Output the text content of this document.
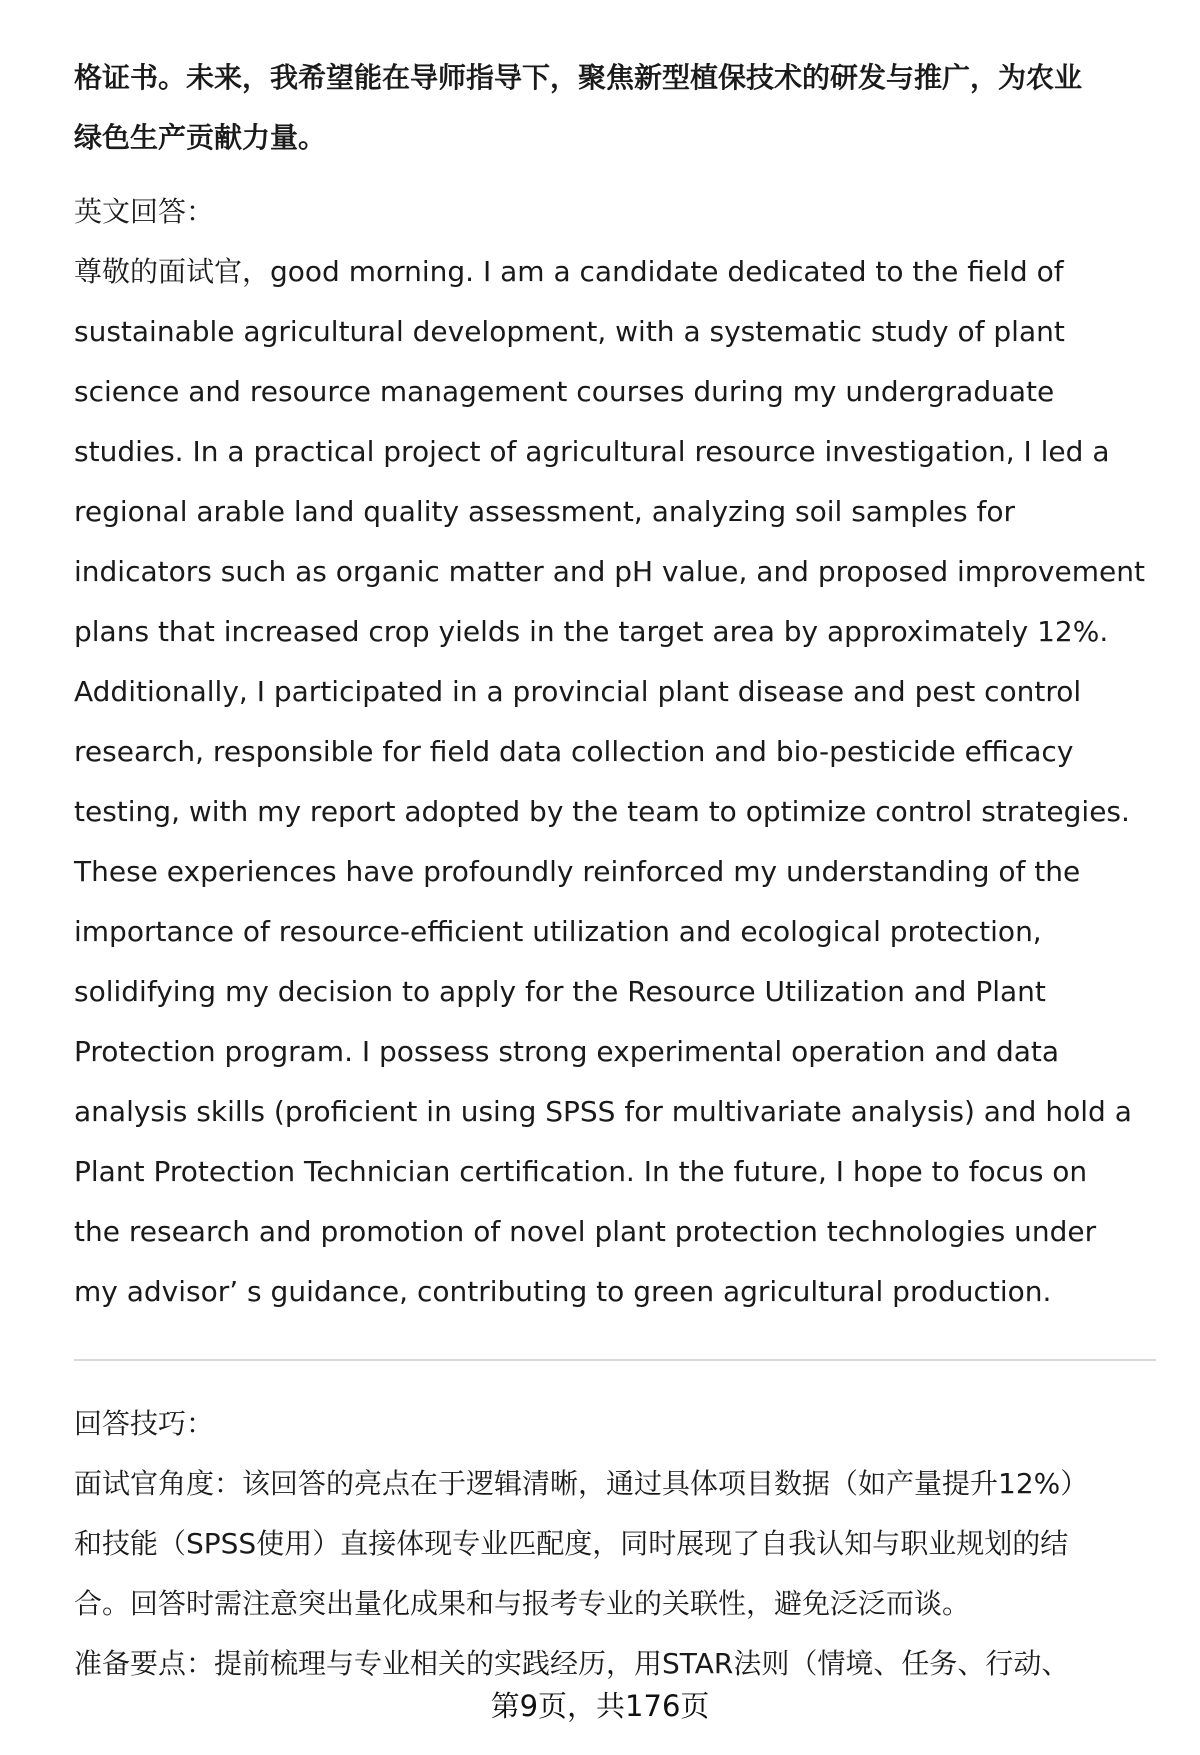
格证书。未来，我希望能在导师指导下，聚焦新型植保技术的研发与推广，为农业

绿色生产贡献力量。

英文回答：

尊敬的面试官，good morning. I am a candidate dedicated to the field of

sustainable agricultural development, with a systematic study of plant

science and resource management courses during my undergraduate

studies. In a practical project of agricultural resource investigation, I led a

regional arable land quality assessment, analyzing soil samples for

indicators such as organic matter and pH value, and proposed improvement

plans that increased crop yields in the target area by approximately 12%.

Additionally, I participated in a provincial plant disease and pest control

research, responsible for field data collection and bio-pesticide efficacy

testing, with my report adopted by the team to optimize control strategies.

These experiences have profoundly reinforced my understanding of the

importance of resource-efficient utilization and ecological protection,

solidifying my decision to apply for the Resource Utilization and Plant

Protection program. I possess strong experimental operation and data

analysis skills (proficient in using SPSS for multivariate analysis) and hold a

Plant Protection Technician certification. In the future, I hope to focus on

the research and promotion of novel plant protection technologies under

my advisor’ s guidance, contributing to green agricultural production.

回答技巧：

面试官角度：该回答的亮点在于逻辑清晰，通过具体项目数据（如产量提升12%）

和技能（SPSS使用）直接体现专业匹配度，同时展现了自我认知与职业规划的结

合。回答时需注意突出量化成果和与报考专业的关联性，避免泛泛而谈。

准备要点：提前梳理与专业相关的实践经历，用STAR法则（情境、任务、行动、

第9页，共176页
